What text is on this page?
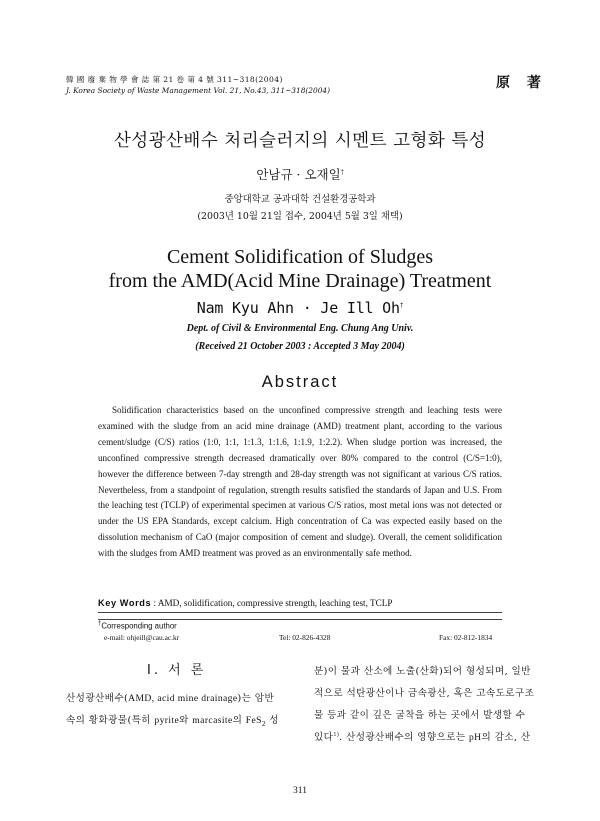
韓 國 廢 棄 物 學 會 誌 第 21 卷 第 4 號 311~318(2004)
J. Korea Society of Waste Management Vol. 21, No.43, 311~318(2004)	原 著
산성광산배수 처리슬러지의 시멘트 고형화 특성
안남규 · 오재일†
중앙대학교 공과대학 건설환경공학과
(2003년 10월 21일 접수, 2004년 5월 3일 채택)
Cement Solidification of Sludges
from the AMD(Acid Mine Drainage) Treatment
Nam Kyu Ahn · Je Ill Oh†
Dept. of Civil & Environmental Eng. Chung Ang Univ.
(Received 21 October 2003 : Accepted 3 May 2004)
Abstract

Solidification characteristics based on the unconfined compressive strength and leaching tests were examined with the sludge from an acid mine drainage (AMD) treatment plant, according to the various cement/sludge (C/S) ratios (1:0, 1:1, 1:1.3, 1:1.6, 1:1.9, 1:2.2). When sludge portion was increased, the unconfined compressive strength decreased dramatically over 80% compared to the control (C/S=1:0), however the difference between 7-day strength and 28-day strength was not significant at various C/S ratios. Nevertheless, from a standpoint of regulation, strength results satisfied the standards of Japan and U.S. From the leaching test (TCLP) of experimental specimen at various C/S ratios, most metal ions was not detected or under the US EPA Standards, except calcium. High concentration of Ca was expected easily based on the dissolution mechanism of CaO (major composition of cement and sludge). Overall, the cement solidification with the sludges from AMD treatment was proved as an environmentally safe method.

Key Words : AMD, solidification, compressive strength, leaching test, TCLP
†Corresponding author
e-mail: ohjeill@cau.ac.kr	Tel: 02-826-4328	Fax: 02-812-1834
Ⅰ. 서 론
산성광산배수(AMD, acid mine drainage)는 암반
속의 황화광물(특히 pyrite와 marcasite의 FeS$_2$ 성
분)이 물과 산소에 노출(산화)되어 형성되며, 일반
적으로 석탄광산이나 금속광산, 혹은 고속도로구조
물 등과 같이 깊은 굴착을 하는 곳에서 발생할 수
있다$^{1)}$. 산성광산배수의 영향으로는 pH의 감소, 산
311
